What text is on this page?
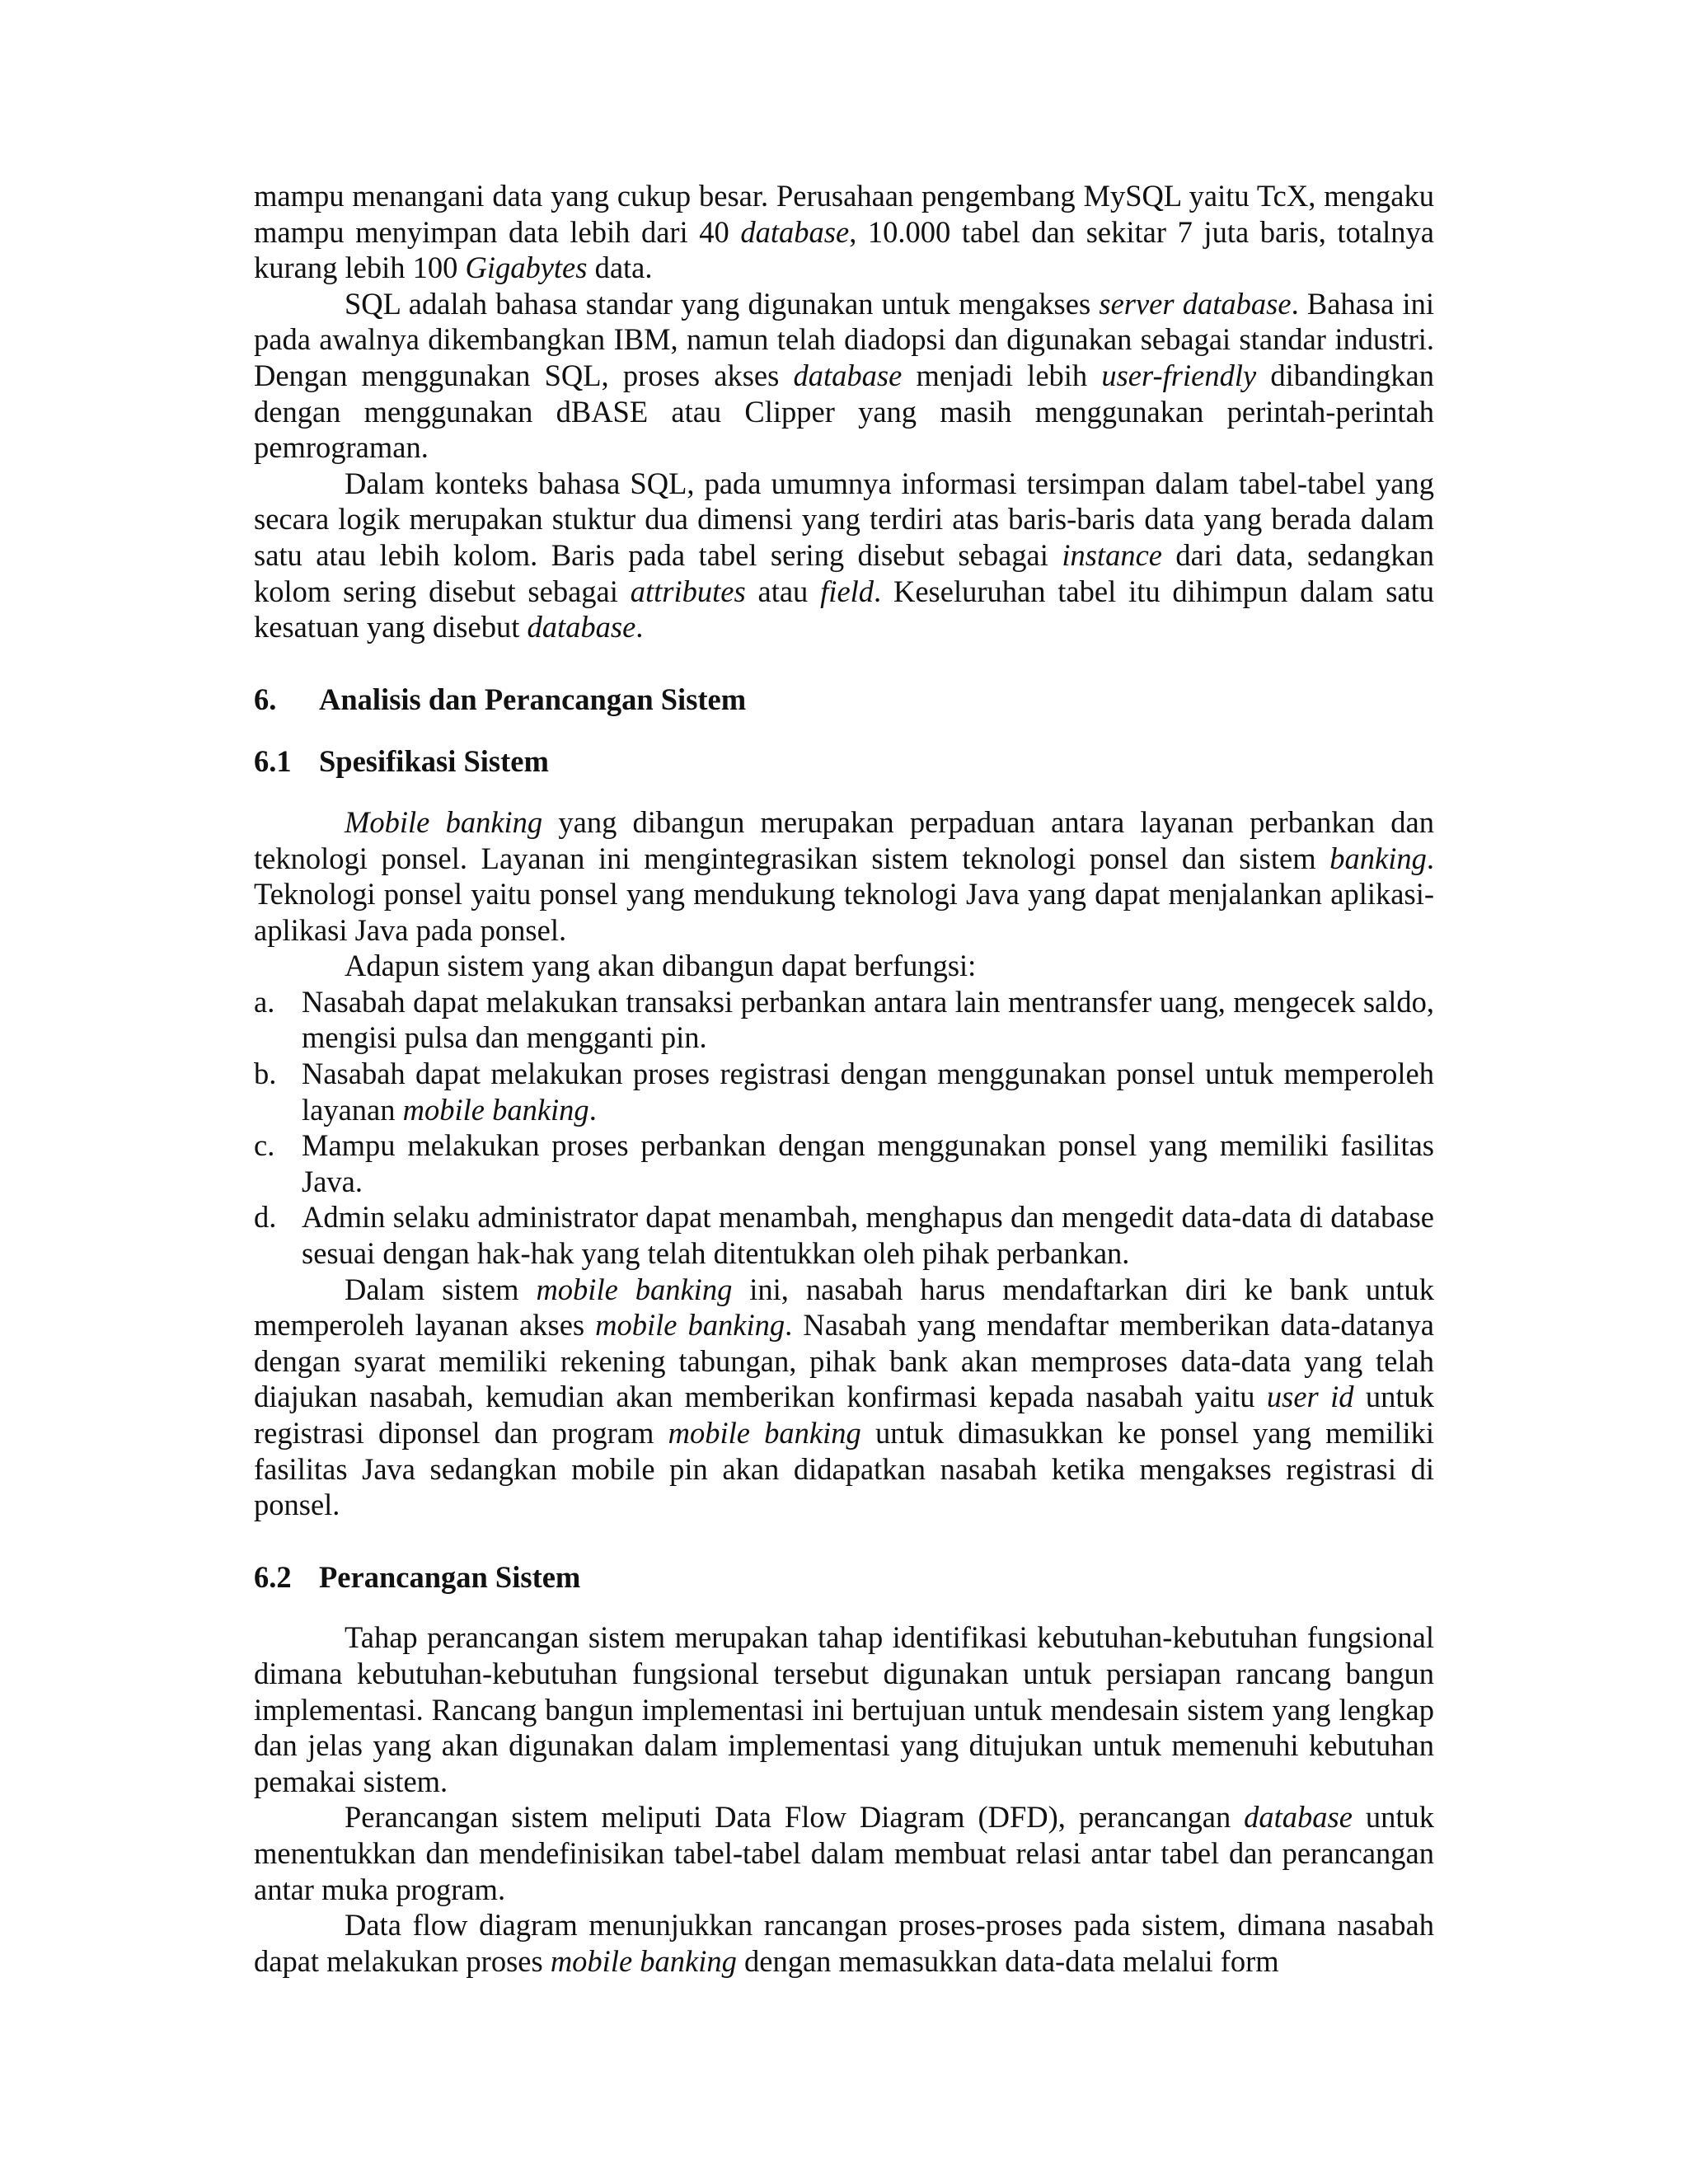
mampu menangani data yang cukup besar. Perusahaan pengembang MySQL yaitu TcX, mengaku mampu menyimpan data lebih dari 40 database, 10.000 tabel dan sekitar 7 juta baris, totalnya kurang lebih 100 Gigabytes data.

SQL adalah bahasa standar yang digunakan untuk mengakses server database. Bahasa ini pada awalnya dikembangkan IBM, namun telah diadopsi dan digunakan sebagai standar industri. Dengan menggunakan SQL, proses akses database menjadi lebih user-friendly dibandingkan dengan menggunakan dBASE atau Clipper yang masih menggunakan perintah-perintah pemrograman.

Dalam konteks bahasa SQL, pada umumnya informasi tersimpan dalam tabel-tabel yang secara logik merupakan stuktur dua dimensi yang terdiri atas baris-baris data yang berada dalam satu atau lebih kolom. Baris pada tabel sering disebut sebagai instance dari data, sedangkan kolom sering disebut sebagai attributes atau field. Keseluruhan tabel itu dihimpun dalam satu kesatuan yang disebut database.

6.	Analisis dan Perancangan Sistem
6.1 Spesifikasi Sistem

Mobile banking yang dibangun merupakan perpaduan antara layanan perbankan dan teknologi ponsel. Layanan ini mengintegrasikan sistem teknologi ponsel dan sistem banking. Teknologi ponsel yaitu ponsel yang mendukung teknologi Java yang dapat menjalankan aplikasi-aplikasi Java pada ponsel.

Adapun sistem yang akan dibangun dapat berfungsi:

a. Nasabah dapat melakukan transaksi perbankan antara lain mentransfer uang, mengecek saldo, mengisi pulsa dan mengganti pin.
b. Nasabah dapat melakukan proses registrasi dengan menggunakan ponsel untuk memperoleh layanan mobile banking.
c. Mampu melakukan proses perbankan dengan menggunakan ponsel yang memiliki fasilitas Java.
d. Admin selaku administrator dapat menambah, menghapus dan mengedit data-data di database sesuai dengan hak-hak yang telah ditentukkan oleh pihak perbankan.

Dalam sistem mobile banking ini, nasabah harus mendaftarkan diri ke bank untuk memperoleh layanan akses mobile banking. Nasabah yang mendaftar memberikan data-datanya dengan syarat memiliki rekening tabungan, pihak bank akan memproses data-data yang telah diajukan nasabah, kemudian akan memberikan konfirmasi kepada nasabah yaitu user id untuk registrasi diponsel dan program mobile banking untuk dimasukkan ke ponsel yang memiliki fasilitas Java sedangkan mobile pin akan didapatkan nasabah ketika mengakses registrasi di ponsel.

6.2 Perancangan Sistem

Tahap perancangan sistem merupakan tahap identifikasi kebutuhan-kebutuhan fungsional dimana kebutuhan-kebutuhan fungsional tersebut digunakan untuk persiapan rancang bangun implementasi. Rancang bangun implementasi ini bertujuan untuk mendesain sistem yang lengkap dan jelas yang akan digunakan dalam implementasi yang ditujukan untuk memenuhi kebutuhan pemakai sistem.

Perancangan sistem meliputi Data Flow Diagram (DFD), perancangan database untuk menentukkan dan mendefinisikan tabel-tabel dalam membuat relasi antar tabel dan perancangan antar muka program.

Data flow diagram menunjukkan rancangan proses-proses pada sistem, dimana nasabah dapat melakukan proses mobile banking dengan memasukkan data-data melalui form
